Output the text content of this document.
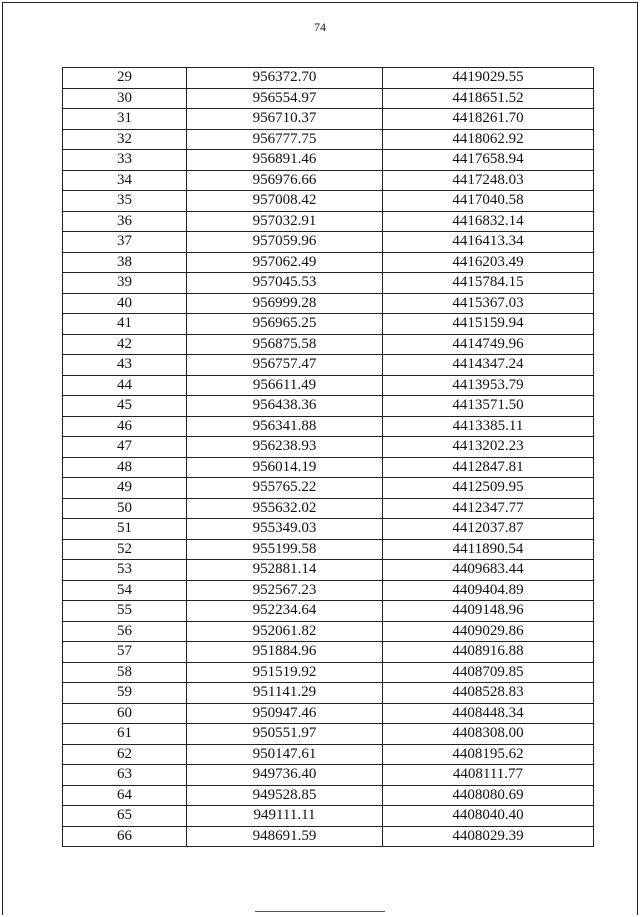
74
29	956372.70	4419029.55
30	956554.97	4418651.52
31	956710.37	4418261.70
32	956777.75	4418062.92
33	956891.46	4417658.94
34	956976.66	4417248.03
35	957008.42	4417040.58
36	957032.91	4416832.14
37	957059.96	4416413.34
38	957062.49	4416203.49
39	957045.53	4415784.15
40	956999.28	4415367.03
41	956965.25	4415159.94
42	956875.58	4414749.96
43	956757.47	4414347.24
44	956611.49	4413953.79
45	956438.36	4413571.50
46	956341.88	4413385.11
47	956238.93	4413202.23
48	956014.19	4412847.81
49	955765.22	4412509.95
50	955632.02	4412347.77
51	955349.03	4412037.87
52	955199.58	4411890.54
53	952881.14	4409683.44
54	952567.23	4409404.89
55	952234.64	4409148.96
56	952061.82	4409029.86
57	951884.96	4408916.88
58	951519.92	4408709.85
59	951141.29	4408528.83
60	950947.46	4408448.34
61	950551.97	4408308.00
62	950147.61	4408195.62
63	949736.40	4408111.77
64	949528.85	4408080.69
65	949111.11	4408040.40
66	948691.59	4408029.39
